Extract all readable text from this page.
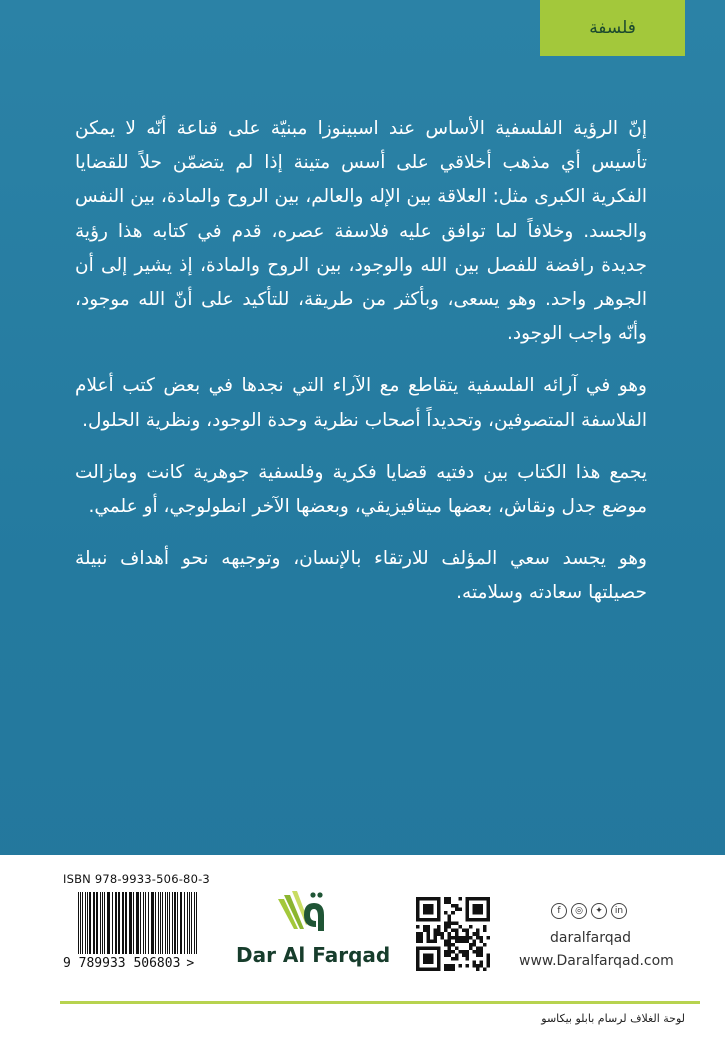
فلسفة

إنّ الرؤية الفلسفية الأساس عند اسبينوزا مبنيّة على قناعة أنّه لا يمكن تأسيس أي مذهب أخلاقي على أسس متينة إذا لم يتضمّن حلاً للقضايا الفكرية الكبرى مثل: العلاقة بين الإله والعالم، بين الروح والمادة، بين النفس والجسد. وخلافاً لما توافق عليه فلاسفة عصره، قدم في كتابه هذا رؤية جديدة رافضة للفصل بين الله والوجود، بين الروح والمادة، إذ يشير إلى أن الجوهر واحد. وهو يسعى، وبأكثر من طريقة، للتأكيد على أنّ الله موجود، وأنّه واجب الوجود.

وهو في آرائه الفلسفية يتقاطع مع الآراء التي نجدها في بعض كتب أعلام الفلاسفة المتصوفين، وتحديداً أصحاب نظرية وحدة الوجود، ونظرية الحلول.

يجمع هذا الكتاب بين دفتيه قضايا فكرية وفلسفية جوهرية كانت ومازالت موضع جدل ونقاش، بعضها ميتافيزيقي، وبعضها الآخر انطولوجي، أو علمي.

وهو يجسد سعي المؤلف للارتقاء بالإنسان، وتوجيهه نحو أهداف نبيلة حصيلتها سعادته وسلامته.

ISBN 978-9933-506-80-3
9 789933 506803 > Dar Al Farqad
f	◎	✦	in
daralfarqad
www.Daralfarqad.com
لوحة الغلاف لرسام بابلو بيكاسو
